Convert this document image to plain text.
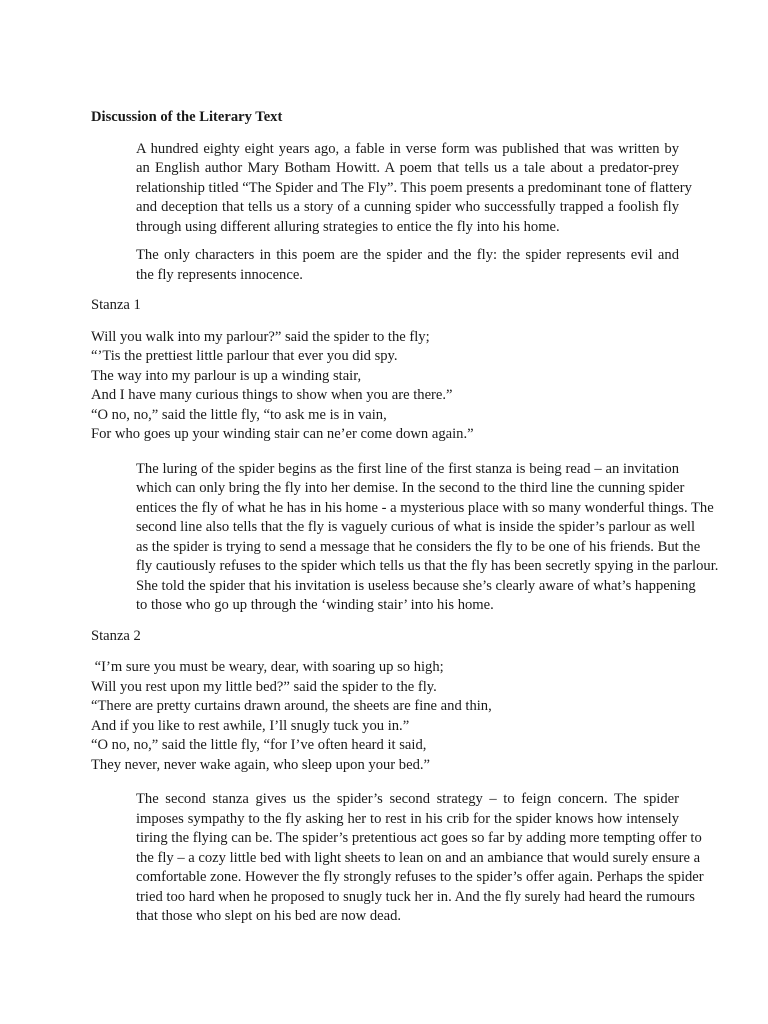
Discussion of the Literary Text
A hundred eighty eight years ago, a fable in verse form was published that was written by
an English author Mary Botham Howitt. A poem that tells us a tale about a predator-prey
relationship titled “The Spider and The Fly”. This poem presents a predominant tone of flattery
and deception that tells us a story of a cunning spider who successfully trapped a foolish fly
through using different alluring strategies to entice the fly into his home.
The only characters in this poem are the spider and the fly: the spider represents evil and
the fly represents innocence.
Stanza 1
Will you walk into my parlour?” said the spider to the fly;
“’Tis the prettiest little parlour that ever you did spy.
The way into my parlour is up a winding stair,
And I have many curious things to show when you are there.”
“O no, no,” said the little fly, “to ask me is in vain,
For who goes up your winding stair can ne’er come down again.”
The luring of the spider begins as the first line of the first stanza is being read – an invitation
which can only bring the fly into her demise. In the second to the third line the cunning spider
entices the fly of what he has in his home - a mysterious place with so many wonderful things. The
second line also tells that the fly is vaguely curious of what is inside the spider’s parlour as well
as the spider is trying to send a message that he considers the fly to be one of his friends. But the
fly cautiously refuses to the spider which tells us that the fly has been secretly spying in the parlour.
She told the spider that his invitation is useless because she’s clearly aware of what’s happening
to those who go up through the ‘winding stair’ into his home.
Stanza 2
“I’m sure you must be weary, dear, with soaring up so high;
Will you rest upon my little bed?” said the spider to the fly.
“There are pretty curtains drawn around, the sheets are fine and thin,
And if you like to rest awhile, I’ll snugly tuck you in.”
“O no, no,” said the little fly, “for I’ve often heard it said,
They never, never wake again, who sleep upon your bed.”
The second stanza gives us the spider’s second strategy – to feign concern. The spider
imposes sympathy to the fly asking her to rest in his crib for the spider knows how intensely
tiring the flying can be. The spider’s pretentious act goes so far by adding more tempting offer to
the fly – a cozy little bed with light sheets to lean on and an ambiance that would surely ensure a
comfortable zone. However the fly strongly refuses to the spider’s offer again. Perhaps the spider
tried too hard when he proposed to snugly tuck her in. And the fly surely had heard the rumours
that those who slept on his bed are now dead.
